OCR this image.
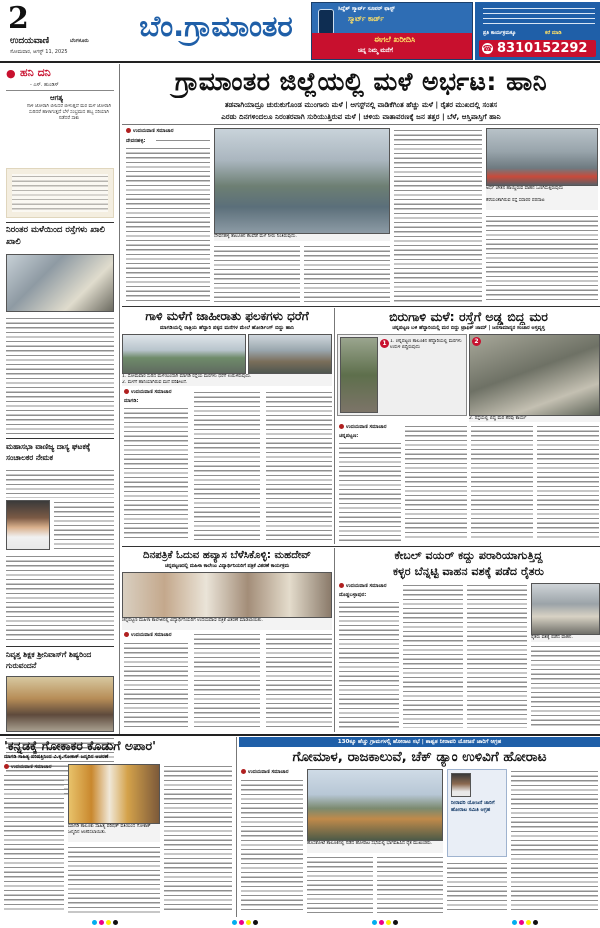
2
ಉದಯವಾಣಿ	ಬೆಂಗಳೂರು
ಸೋಮವಾರ, ಆಗಸ್ಟ್ 11, 2025
ಬೆಂ.ಗ್ರಾಮಾಂತರ	ಸಿದ್ದೆಶ್ ಸ್ಮಾರ್ಟ್ ಸೂಪರ್ ಫಾಸ್ಟ್
ಸ್ಮಾರ್ಟ್ ಕಾರ್ಡ್
ಈಗಲೆ ಖರೀದಿಸಿ
ಚಿನ್ನ ನಿಮ್ಮ ಮನೆಗೆ
ಪ್ರತಿ ಕಾರ್ಯಕ್ರಮಕ್ಕೂ	ಕರೆ ಮಾಡಿ
☎ 8310152292
● ಹನಿ ದನಿ
- ಎಸ್. ಹುಂಡಿಸ್
ಆಗತ್ಯ
ಗಾಳಿ ಜೋರಾಗಿ ಬೀಸಿದರೆ ಬೀಳುತ್ತದೆ ಮರ ಮಳೆ ಜೋರಾಗಿ ಸುರಿದರೆ ಹಾಳಾಗುತ್ತದೆ ಬೆಳೆ ಸಂಭ್ರಮದ ಹಬ್ಬ ಸರಿಯಾಗಿ ನಡೆದರೆ ಸಾಕು
ನಿರಂತರ ಮಳೆಯಿಂದ ರಸ್ತೆಗಳು ಖಾಲಿ ಖಾಲಿ
ಮಹಾಸಭಾ ವಾಣಿಜ್ಯ ದಾಸ್ಯ ಘಟಕಕ್ಕೆ ಸಂಚಾಲಕರ ನೇಮಕ
ನಿವೃತ್ತ ಶಿಕ್ಷಕ ಶ್ರೀನಿವಾಸ್‌ಗೆ ಶಿಷ್ಯರಿಂದ ಗುರುವಂದನೆ
ಗ್ರಾಮಾಂತರ ಜಿಲ್ಲೆಯಲ್ಲಿ ಮಳೆ ಅರ್ಭಟ: ಹಾನಿ
ತಡವಾಗಿಯಾದ್ರೂ ಚುರುಕುಗೊಂಡ ಮುಂಗಾರು ಮಳೆ | ಆಗಸ್ಟ್‌ನಲ್ಲಿ ವಾಡಿಕೆಗಿಂತ ಹೆಚ್ಚು ಮಳೆ | ರೈತರ ಮುಖದಲ್ಲಿ ಸಂತಸ
ಎರಡು ದಿನಗಳಿಂದಲೂ ನಿರಂತರವಾಗಿ ಸುರಿಯುತ್ತಿರುವ ಮಳೆ | ಚಳಿಯ ವಾತಾವರಣಕ್ಕೆ ಜನ ತತ್ತರ | ಬೆಳೆ, ಆಸ್ತಿಪಾಸ್ತಿಗೆ ಹಾನಿ
ಉದಯವಾಣಿ ಸಮಾಚಾರ
ದೇವನಹಳ್ಳಿ:
ದೇವನಹಳ್ಳಿ ತಾಲೂಕಿನ ಕೆಲವೆಡೆ ಮಳೆ ನೀರು ನಿಂತಿರುವುದು.
ಅರ್ಧ ಚೇತನ ಹಾಯ್ದಿರುವ ವಾಹನ ಒಣಗಿಸುತ್ತಿರುವುದು
ಕೆರೆಯಂತಾಗಿರುವ ರಸ್ತೆ ಸವಾರರ ಪರದಾಟ
ಗಾಳಿ ಮಳೆಗೆ ಜಾಹೀರಾತು ಫಲಕಗಳು ಧರೆಗೆ
ಮಾಗಡಿಯಲ್ಲಿ ರಾತ್ರಿಯ ಹೆದ್ದಾರಿ ಪಕ್ಕದ ಮನೆಗಳ ಮೇಲೆ ಹೋರ್ಡಿಂಗ್ ಬಿದ್ದು ಹಾನಿ
1. ಸೋಮವಾರ ಸುರಿದ ಮಳೆಯಿಂದಾಗಿ ಮಾಗಡಿ ರಸ್ತೆಯ ಮರಗಳು ಧರೆಗೆ ಉರುಳಿರುವುದು.
2. ಮಳೆಗೆ ಹಾನಿಯಾಗಿರುವ ಮನೆ ಪರಿಶೀಲನೆ.
ಉದಯವಾಣಿ ಸಮಾಚಾರ
ಮಾಗಡಿ:
ಬಿರುಗಾಳಿ ಮಳೆ: ರಸ್ತೆಗೆ ಅಡ್ಡ ಬಿದ್ದ ಮರ
ಚನ್ನಪಟ್ಟಣ ಬಳಿ ಹೆದ್ದಾರಿಯಲ್ಲಿ ಮರ ಬಿದ್ದು ಟ್ರಾಫಿಕ್ ಜಾಮ್ | ಜನಸಾಮಾನ್ಯರ ಸಂಚಾರ ಅಸ್ತವ್ಯಸ್ತ
1 1. ಚನ್ನಪಟ್ಟಣ ತಾಲೂಕಿನ ಹೆದ್ದಾರಿಯಲ್ಲಿ ಮರಗಳು ಉರುಳಿ ಬಿದ್ದಿರುವುದು
2
2. ರಸ್ತೆಯಲ್ಲಿ ಬಿದ್ದ ಮರ ತೆರವು ಕಾರ್ಯ
ಉದಯವಾಣಿ ಸಮಾಚಾರ
ಚನ್ನಪಟ್ಟಣ:
ದಿನಪತ್ರಿಕೆ ಓದುವ ಹವ್ಯಾಸ ಬೆಳೆಸಿಕೊಳ್ಳಿ: ಮಹದೇವ್
ಚನ್ನಪಟ್ಟಣದಲ್ಲಿ ಮಹಿಳಾ ಕಾಲೇಜು ವಿದ್ಯಾರ್ಥಿನಿಯರಿಗೆ ಪತ್ರಿಕೆ ವಿತರಣೆ ಕಾರ್ಯಕ್ರಮ
ಚನ್ನಪಟ್ಟಣ ಮಹಿಳಾ ಕಾಲೇಜಿನಲ್ಲಿ ವಿದ್ಯಾರ್ಥಿನಿಯರಿಗೆ ಉದಯವಾಣಿ ಪತ್ರಿಕೆ ವಿತರಣೆ ಮಾಡಲಾಯಿತು.
ಉದಯವಾಣಿ ಸಮಾಚಾರ
ಕೇಬಲ್ ವಯರ್ ಕದ್ದು ಪರಾರಿಯಾಗುತ್ತಿದ್ದ
ಕಳ್ಳರ ಬೆನ್ನಟ್ಟಿ ವಾಹನ ವಶಕ್ಕೆ ಪಡೆದ ರೈತರು
ಉದಯವಾಣಿ ಸಮಾಚಾರ
ದೊಡ್ಡಬಳ್ಳಾಪುರ:
ರೈತರು ವಶಕ್ಕೆ ಪಡೆದ ವಾಹನ.
'ಕನ್ನಡಕ್ಕೆ ಗೋಕಾಕರ ಕೊಡುಗೆ ಅಪಾರ'
ಮಾಗಡಿ ಸಾಹಿತ್ಯ ಪರಿಷತ್ತಿನಿಂದ ವಿ.ಕೃ.ಗೋಕಾಕ್ ಜನ್ಮದಿನ ಆಚರಣೆ
ಉದಯವಾಣಿ ಸಮಾಚಾರ
ಮಾಗಡಿ ತಾಲೂಕು ಸಾಹಿತ್ಯ ಪರಿಷತ್ ವತಿಯಿಂದ ಗೋಕಾಕ್ ಜನ್ಮದಿನ ಆಚರಿಸಲಾಯಿತು.
130ಕ್ಕೂ ಹೆಚ್ಚು ಗ್ರಾಮಗಳಲ್ಲಿ ಹೋರಾಟ ಸಭೆ | ಶಾಶ್ವತ ನೀರಾವರಿ ಯೋಜನೆ ಜಾರಿಗೆ ಆಗ್ರಹ
ಗೋಮಾಳ, ರಾಜಕಾಲುವೆ, ಚೆಕ್ ಡ್ಯಾಂ ಉಳಿವಿಗೆ ಹೋರಾಟ
ಉದಯವಾಣಿ ಸಮಾಚಾರ
ಹೊಸಕೋಟೆ ತಾಲೂಕಿನಲ್ಲಿ ನಡೆದ ಹೋರಾಟ ಸಭೆಯಲ್ಲಿ ಭಾಗವಹಿಸಿದ ರೈತ ಮುಖಂಡರು.
ನೀರಾವರಿ ಯೋಜನೆ ಜಾರಿಗೆ ಹೋರಾಟ ಸಮಿತಿ ಆಗ್ರಹ
